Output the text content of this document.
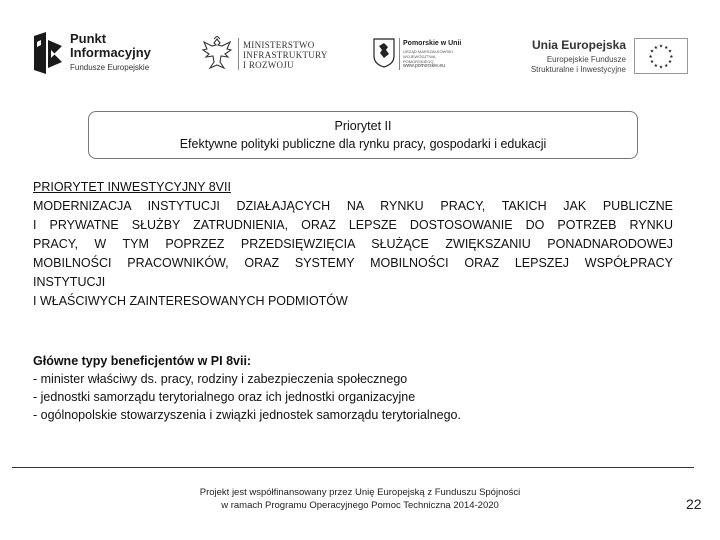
Punkt
Informacyjny
Fundusze Europejskie
MINISTERSTWO
INFRASTRUKTURY
I ROZWOJU
Pomorskie w Unii
URZĄD MARSZAŁKOWSKI WOJEWÓDZTWA POMORSKIEGO
www.pomorskie.eu
Unia Europejska
Europejskie Fundusze
Strukturalne i Inwestycyjne
★ ★
★
★
★
★
★
★
★
★
★
★
Priorytet II
Efektywne polityki publiczne dla rynku pracy, gospodarki i edukacji
PRIORYTET INWESTYCYJNY 8VII
MODERNIZACJA INSTYTUCJI DZIAŁAJĄCYCH NA RYNKU PRACY, TAKICH JAK PUBLICZNE
I PRYWATNE SŁUŻBY ZATRUDNIENIA, ORAZ LEPSZE DOSTOSOWANIE DO POTRZEB RYNKU
PRACY, W TYM POPRZEZ PRZEDSIĘWZIĘCIA SŁUŻĄCE ZWIĘKSZANIU PONADNARODOWEJ
MOBILNOŚCI PRACOWNIKÓW, ORAZ SYSTEMY MOBILNOŚCI ORAZ LEPSZEJ WSPÓŁPRACY
INSTYTUCJI
I WŁAŚCIWYCH ZAINTERESOWANYCH PODMIOTÓW
Główne typy beneficjentów w PI 8vii:
- minister właściwy ds. pracy, rodziny i zabezpieczenia społecznego
- jednostki samorządu terytorialnego oraz ich jednostki organizacyjne
- ogólnopolskie stowarzyszenia i związki jednostek samorządu terytorialnego.
Projekt jest współfinansowany przez Unię Europejską z Funduszu Spójności
w ramach Programu Operacyjnego Pomoc Techniczna 2014-2020	22
